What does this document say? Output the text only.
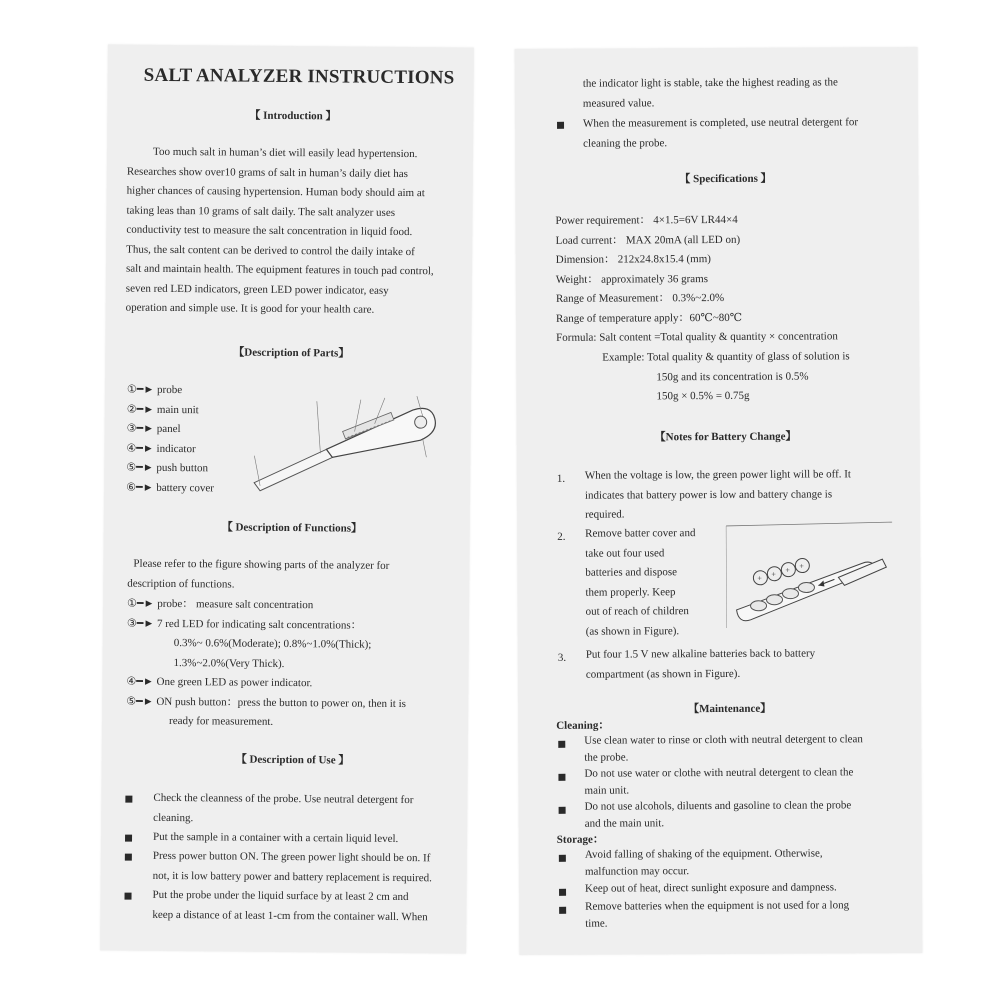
SALT ANALYZER INSTRUCTIONS
【 Introduction 】
Too much salt in human’s diet will easily lead hypertension.
Researches show over10 grams of salt in human’s daily diet has
higher chances of causing hypertension. Human body should aim at
taking leas than 10 grams of salt daily. The salt analyzer uses
conductivity test to measure the salt concentration in liquid food.
Thus, the salt content can be derived to control the daily intake of
salt and maintain health. The equipment features in touch pad control,
seven red LED indicators, green LED power indicator, easy
operation and simple use. It is good for your health care.
【Description of Parts】
①━► probe
②━► main unit
③━► panel
④━► indicator
⑤━► push button
⑥━► battery cover
【 Description of Functions】
Please refer to the figure showing parts of the analyzer for
description of functions.
①━► probe： measure salt concentration
③━► 7 red LED for indicating salt concentrations：
0.3%~ 0.6%(Moderate); 0.8%~1.0%(Thick);
1.3%~2.0%(Very Thick).
④━► One green LED as power indicator.
⑤━► ON push button：press the button to power on, then it is
ready for measurement.
【 Description of Use 】
Check the cleanness of the probe. Use neutral detergent for
cleaning.
Put the sample in a container with a certain liquid level.
Press power button ON. The green power light should be on. If
not, it is low battery power and battery replacement is required.
Put the probe under the liquid surface by at least 2 cm and
keep a distance of at least 1-cm from the container wall. When
the indicator light is stable, take the highest reading as the
measured value.
When the measurement is completed, use neutral detergent for
cleaning the probe.
【 Specifications 】
Power requirement： 4×1.5=6V LR44×4
Load current： MAX 20mA (all LED on)
Dimension： 212x24.8x15.4 (mm)
Weight： approximately 36 grams
Range of Measurement： 0.3%~2.0%
Range of temperature apply：60℃~80℃
Formula: Salt content =Total quality & quantity × concentration
Example: Total quality & quantity of glass of solution is
150g and its concentration is 0.5%
150g × 0.5% = 0.75g
【Notes for Battery Change】
1. When the voltage is low, the green power light will be off. It
indicates that battery power is low and battery change is
required.
2. Remove batter cover and
take out four used
batteries and dispose
them properly. Keep
out of reach of children
(as shown in Figure).
+ + + +
3. Put four 1.5 V new alkaline batteries back to battery
compartment (as shown in Figure).
【Maintenance】
Cleaning：
Use clean water to rinse or cloth with neutral detergent to clean
the probe.
Do not use water or clothe with neutral detergent to clean the
main unit.
Do not use alcohols, diluents and gasoline to clean the probe
and the main unit.
Storage：
Avoid falling of shaking of the equipment. Otherwise,
malfunction may occur.
Keep out of heat, direct sunlight exposure and dampness.
Remove batteries when the equipment is not used for a long
time.
